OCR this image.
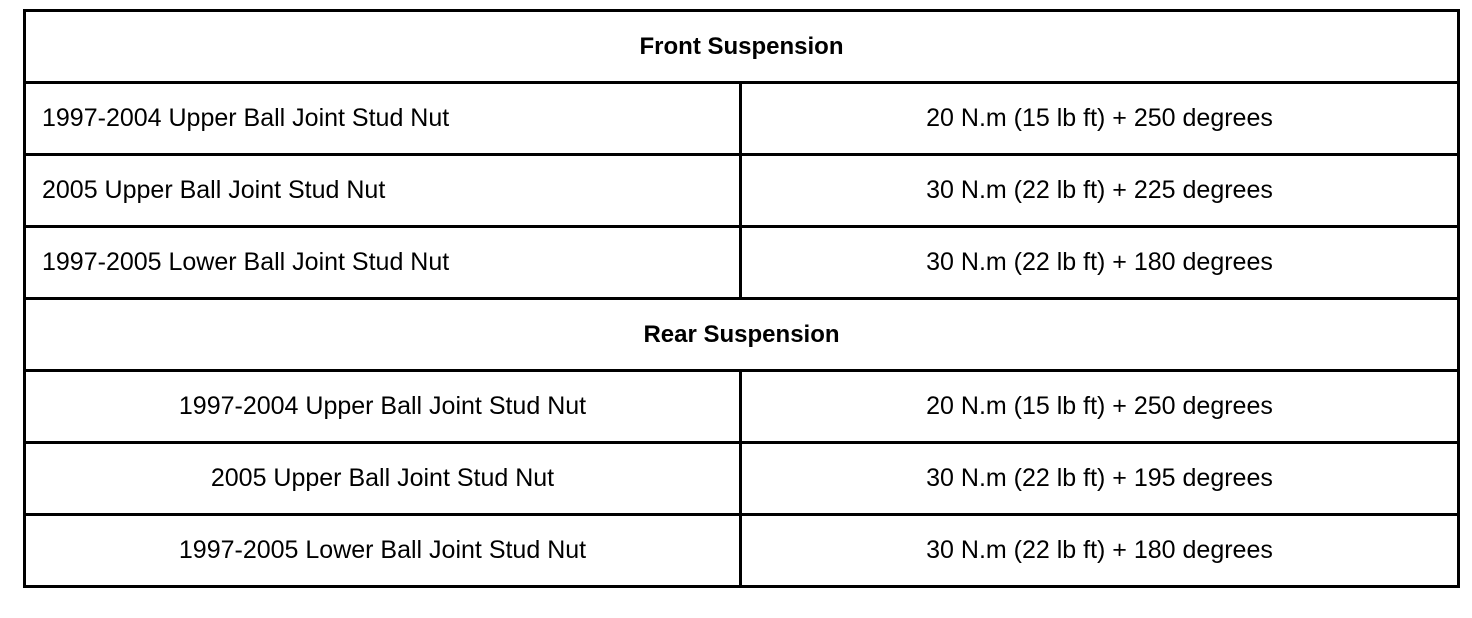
Front Suspension	
1997-2004 Upper Ball Joint Stud Nut	20 N.m (15 lb ft) + 250 degrees
2005 Upper Ball Joint Stud Nut	30 N.m (22 lb ft) + 225 degrees
1997-2005 Lower Ball Joint Stud Nut	30 N.m (22 lb ft) + 180 degrees
Rear Suspension	
1997-2004 Upper Ball Joint Stud Nut	20 N.m (15 lb ft) + 250 degrees
2005 Upper Ball Joint Stud Nut	30 N.m (22 lb ft) + 195 degrees
1997-2005 Lower Ball Joint Stud Nut	30 N.m (22 lb ft) + 180 degrees
